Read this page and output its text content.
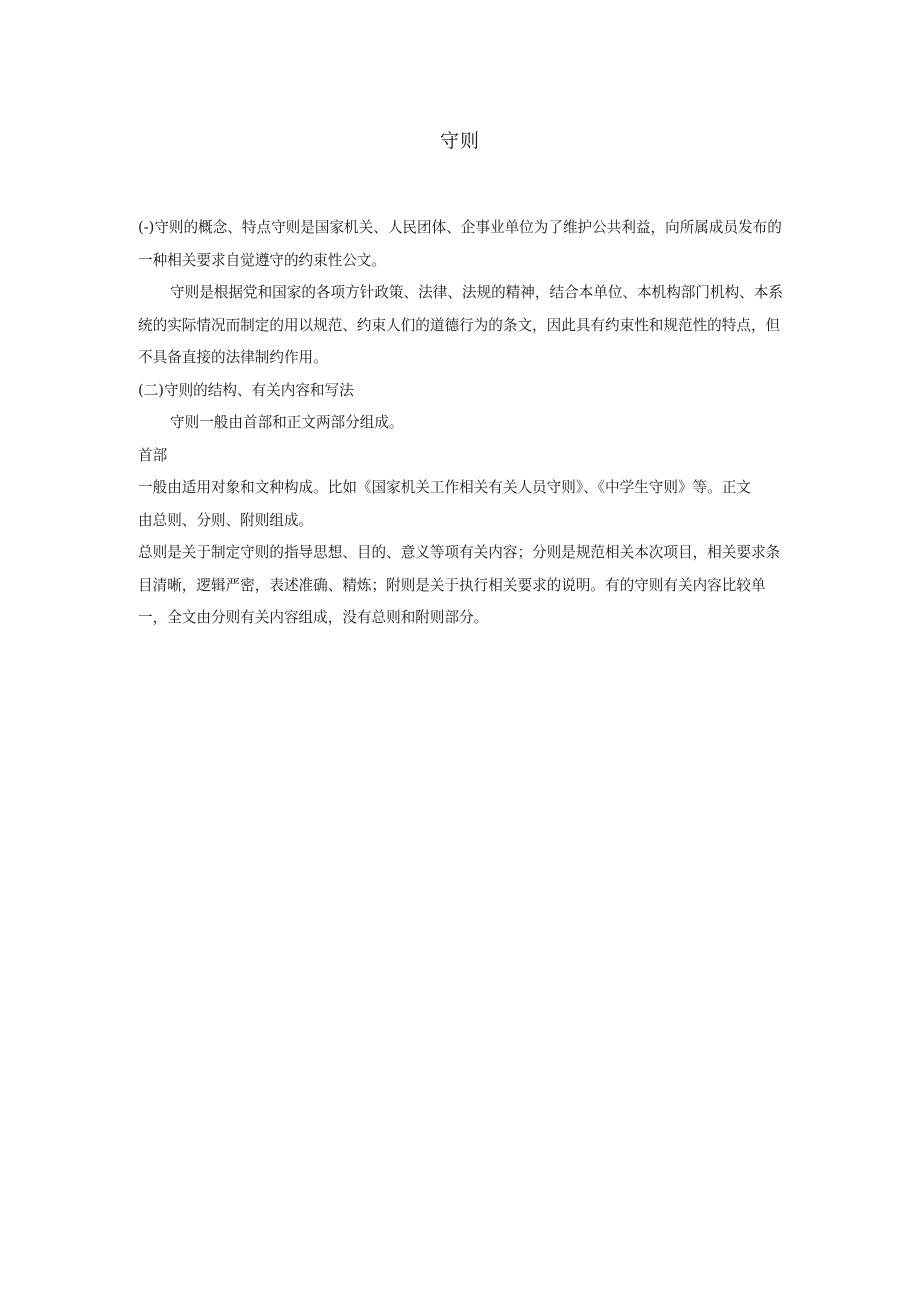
守则

(-)守则的概念、特点守则是国家机关、人民团体、企事业单位为了维护公共利益，向所属成员发布的一种相关要求自觉遵守的约束性公文。

守则是根据党和国家的各项方针政策、法律、法规的精神，结合本单位、本机构部门机构、本系统的实际情况而制定的用以规范、约束人们的道德行为的条文，因此具有约束性和规范性的特点，但不具备直接的法律制约作用。

(二)守则的结构、有关内容和写法

守则一般由首部和正文两部分组成。

首部

一般由适用对象和文种构成。比如《国家机关工作相关有关人员守则》、《中学生守则》等。正文

由总则、分则、附则组成。

总则是关于制定守则的指导思想、目的、意义等项有关内容；分则是规范相关本次项目，相关要求条目清晰，逻辑严密，表述准确、精炼；附则是关于执行相关要求的说明。有的守则有关内容比较单一，全文由分则有关内容组成，没有总则和附则部分。
